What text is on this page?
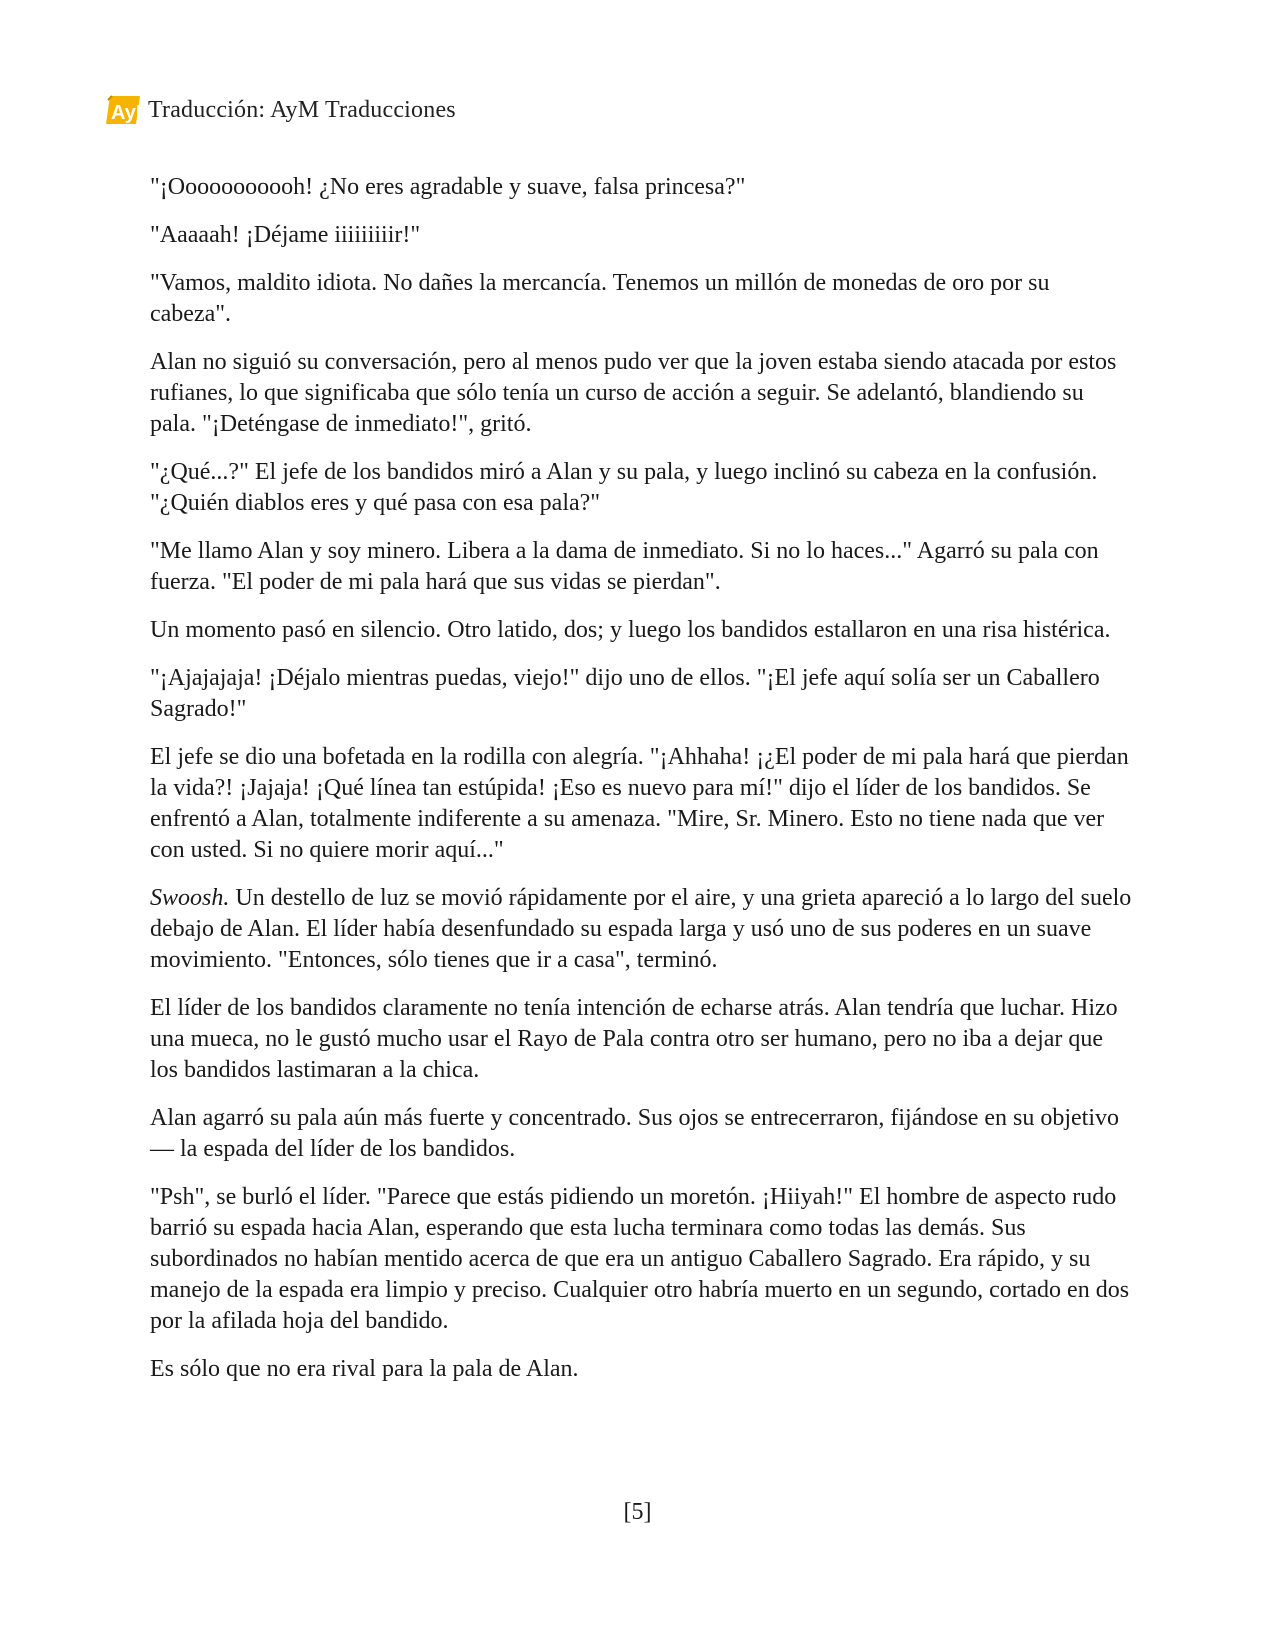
AyM
Traducción: AyM Traducciones

"¡Ooooooooooh! ¿No eres agradable y suave, falsa princesa?"

"Aaaaah! ¡Déjame iiiiiiiiir!"

"Vamos, maldito idiota. No dañes la mercancía. Tenemos un millón de monedas de oro por su cabeza".

Alan no siguió su conversación, pero al menos pudo ver que la joven estaba siendo atacada por estos rufianes, lo que significaba que sólo tenía un curso de acción a seguir. Se adelantó, blandiendo su pala. "¡Deténgase de inmediato!", gritó.

"¿Qué...?" El jefe de los bandidos miró a Alan y su pala, y luego inclinó su cabeza en la confusión. "¿Quién diablos eres y qué pasa con esa pala?"

"Me llamo Alan y soy minero. Libera a la dama de inmediato. Si no lo haces..." Agarró su pala con fuerza. "El poder de mi pala hará que sus vidas se pierdan".

Un momento pasó en silencio. Otro latido, dos; y luego los bandidos estallaron en una risa histérica.

"¡Ajajajaja! ¡Déjalo mientras puedas, viejo!" dijo uno de ellos. "¡El jefe aquí solía ser un Caballero Sagrado!"

El jefe se dio una bofetada en la rodilla con alegría. "¡Ahhaha! ¡¿El poder de mi pala hará que pierdan la vida?! ¡Jajaja! ¡Qué línea tan estúpida! ¡Eso es nuevo para mí!" dijo el líder de los bandidos. Se enfrentó a Alan, totalmente indiferente a su amenaza. "Mire, Sr. Minero. Esto no tiene nada que ver con usted. Si no quiere morir aquí..."

Swoosh. Un destello de luz se movió rápidamente por el aire, y una grieta apareció a lo largo del suelo debajo de Alan. El líder había desenfundado su espada larga y usó uno de sus poderes en un suave movimiento. "Entonces, sólo tienes que ir a casa", terminó.

El líder de los bandidos claramente no tenía intención de echarse atrás. Alan tendría que luchar. Hizo una mueca, no le gustó mucho usar el Rayo de Pala contra otro ser humano, pero no iba a dejar que los bandidos lastimaran a la chica.

Alan agarró su pala aún más fuerte y concentrado. Sus ojos se entrecerraron, fijándose en su objetivo— la espada del líder de los bandidos.

"Psh", se burló el líder. "Parece que estás pidiendo un moretón. ¡Hiiyah!" El hombre de aspecto rudo barrió su espada hacia Alan, esperando que esta lucha terminara como todas las demás. Sus subordinados no habían mentido acerca de que era un antiguo Caballero Sagrado. Era rápido, y su manejo de la espada era limpio y preciso. Cualquier otro habría muerto en un segundo, cortado en dos por la afilada hoja del bandido.

Es sólo que no era rival para la pala de Alan.

[5]
